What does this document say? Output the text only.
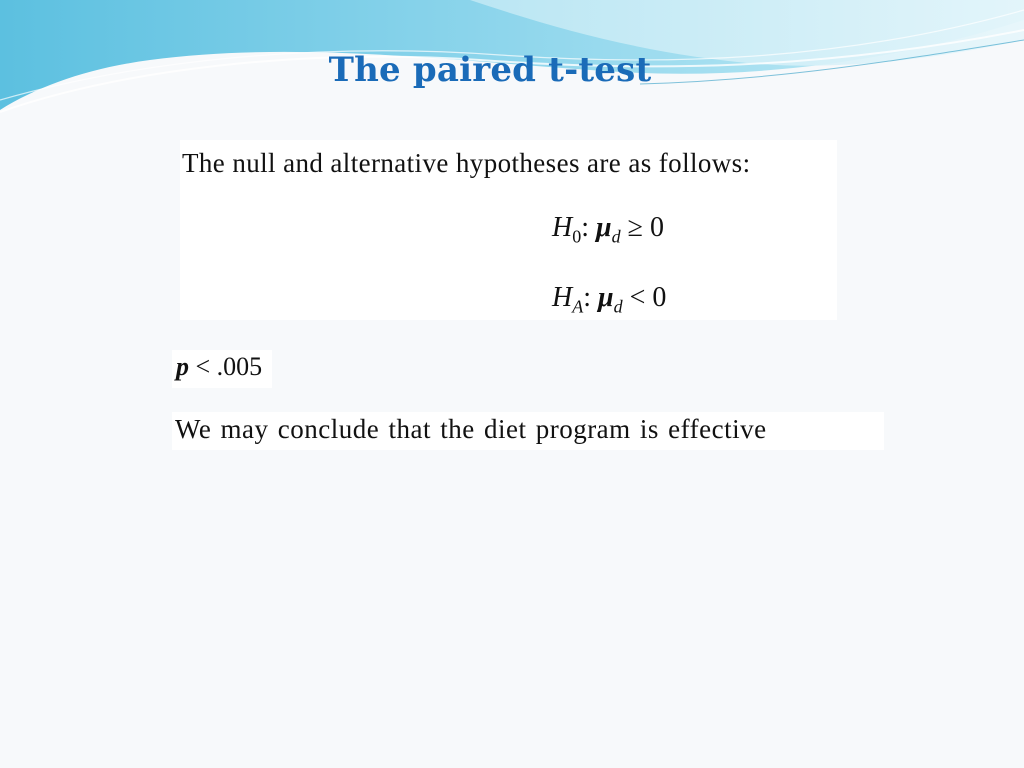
The paired t-test
The null and alternative hypotheses are as follows:
$H_0$: $\mu_d \ge 0$
$H_A$: $\mu_d < 0$
p < .005
We may conclude that the diet program is effective
